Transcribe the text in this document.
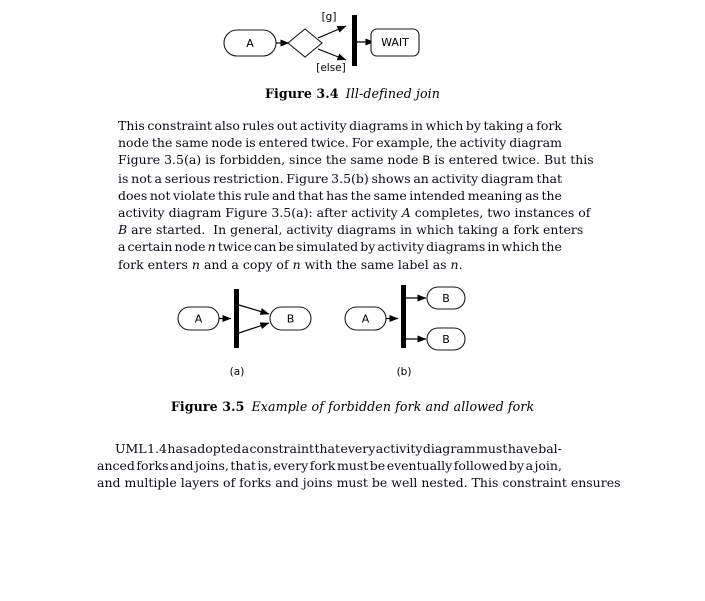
A
[g]
[else]
WAIT
Figure 3.4 Ill-defined join
This constraint also rules out activity diagrams in which by taking a fork
node the same node is entered twice. For example, the activity diagram
Figure 3.5(a) is forbidden, since the same node B is entered twice. But this
is not a serious restriction. Figure 3.5(b) shows an activity diagram that
does not violate this rule and that has the same intended meaning as the
activity diagram Figure 3.5(a): after activity A completes, two instances of
B are started.  In general, activity diagrams in which taking a fork enters
a certain node n twice can be simulated by activity diagrams in which the
fork enters n and a copy of n with the same label as n.
A	B	A
B
B
(a)	(b)
Figure 3.5 Example of forbidden fork and allowed fork
UML 1.4 has adopted a constraint that every activity diagram must have bal-
anced forks and joins, that is, every fork must be eventually followed by a join,
and multiple layers of forks and joins must be well nested. This constraint ensures
